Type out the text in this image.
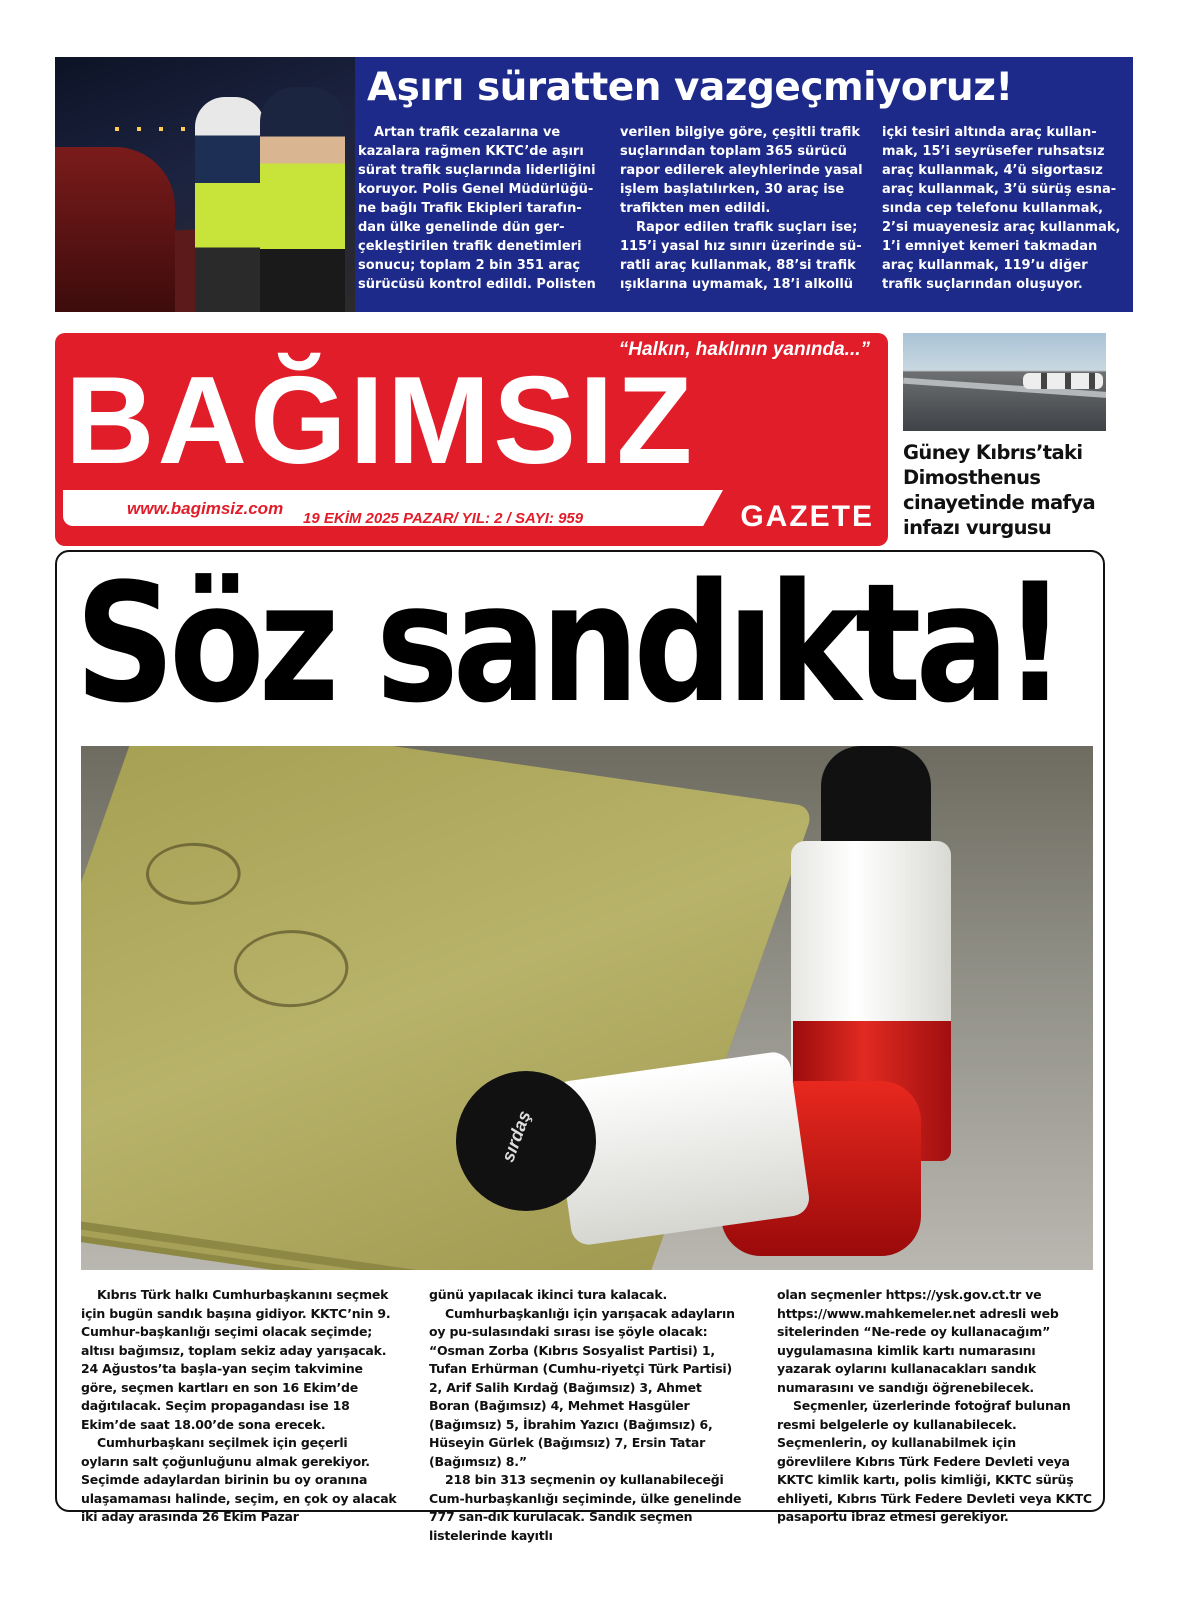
Aşırı süratten vazgeçmiyoruz!

Artan trafik cezalarına ve kazalara rağmen KKTC’de aşırı sürat trafik suçlarında liderliğini koruyor. Polis Genel Müdürlüğü-ne bağlı Trafik Ekipleri tarafın-dan ülke genelinde dün ger-çekleştirilen trafik denetimleri sonucu; toplam 2 bin 351 araç sürücüsü kontrol edildi. Polisten

verilen bilgiye göre, çeşitli trafik suçlarından toplam 365 sürücü rapor edilerek aleyhlerinde yasal işlem başlatılırken, 30 araç ise trafikten men edildi.

Rapor edilen trafik suçları ise; 115’i yasal hız sınırı üzerinde sü-ratli araç kullanmak, 88’si trafik ışıklarına uymamak, 18’i alkollü

içki tesiri altında araç kullan-mak, 15’i seyrüsefer ruhsatsız araç kullanmak, 4’ü sigortasız araç kullanmak, 3’ü sürüş esna-sında cep telefonu kullanmak, 2’si muayenesiz araç kullanmak, 1’i emniyet kemeri takmadan araç kullanmak, 119’u diğer trafik suçlarından oluşuyor.

“Halkın, haklının yanında...”
BAĞIMSIZ
www.bagimsiz.com
19 EKİM 2025 PAZAR/ YIL: 2 / SAYI: 959	GAZETE
Güney Kıbrıs’taki Dimosthenus cinayetinde mafya infazı vurgusu
Söz sandıkta!
sırdaş

Kıbrıs Türk halkı Cumhurbaşkanını seçmek için bugün sandık başına gidiyor. KKTC’nin 9. Cumhur-başkanlığı seçimi olacak seçimde; altısı bağımsız, toplam sekiz aday yarışacak. 24 Ağustos’ta başla-yan seçim takvimine göre, seçmen kartları en son 16 Ekim’de dağıtılacak. Seçim propagandası ise 18 Ekim’de saat 18.00’de sona erecek.

Cumhurbaşkanı seçilmek için geçerli oyların salt çoğunluğunu almak gerekiyor. Seçimde adaylardan birinin bu oy oranına ulaşamaması halinde, seçim, en çok oy alacak iki aday arasında 26 Ekim Pazar

günü yapılacak ikinci tura kalacak.

Cumhurbaşkanlığı için yarışacak adayların oy pu-sulasındaki sırası ise şöyle olacak: “Osman Zorba (Kıbrıs Sosyalist Partisi) 1, Tufan Erhürman (Cumhu-riyetçi Türk Partisi) 2, Arif Salih Kırdağ (Bağımsız) 3, Ahmet Boran (Bağımsız) 4, Mehmet Hasgüler (Bağımsız) 5, İbrahim Yazıcı (Bağımsız) 6, Hüseyin Gürlek (Bağımsız) 7, Ersin Tatar (Bağımsız) 8.”

218 bin 313 seçmenin oy kullanabileceği Cum-hurbaşkanlığı seçiminde, ülke genelinde 777 san-dık kurulacak. Sandık seçmen listelerinde kayıtlı

olan seçmenler https://ysk.gov.ct.tr ve https://www.mahkemeler.net adresli web sitelerinden “Ne-rede oy kullanacağım” uygulamasına kimlik kartı numarasını yazarak oylarını kullanacakları sandık numarasını ve sandığı öğrenebilecek.

Seçmenler, üzerlerinde fotoğraf bulunan resmi belgelerle oy kullanabilecek. Seçmenlerin, oy kullanabilmek için görevlilere Kıbrıs Türk Federe Devleti veya KKTC kimlik kartı, polis kimliği, KKTC sürüş ehliyeti, Kıbrıs Türk Federe Devleti veya KKTC pasaportu ibraz etmesi gerekiyor.
